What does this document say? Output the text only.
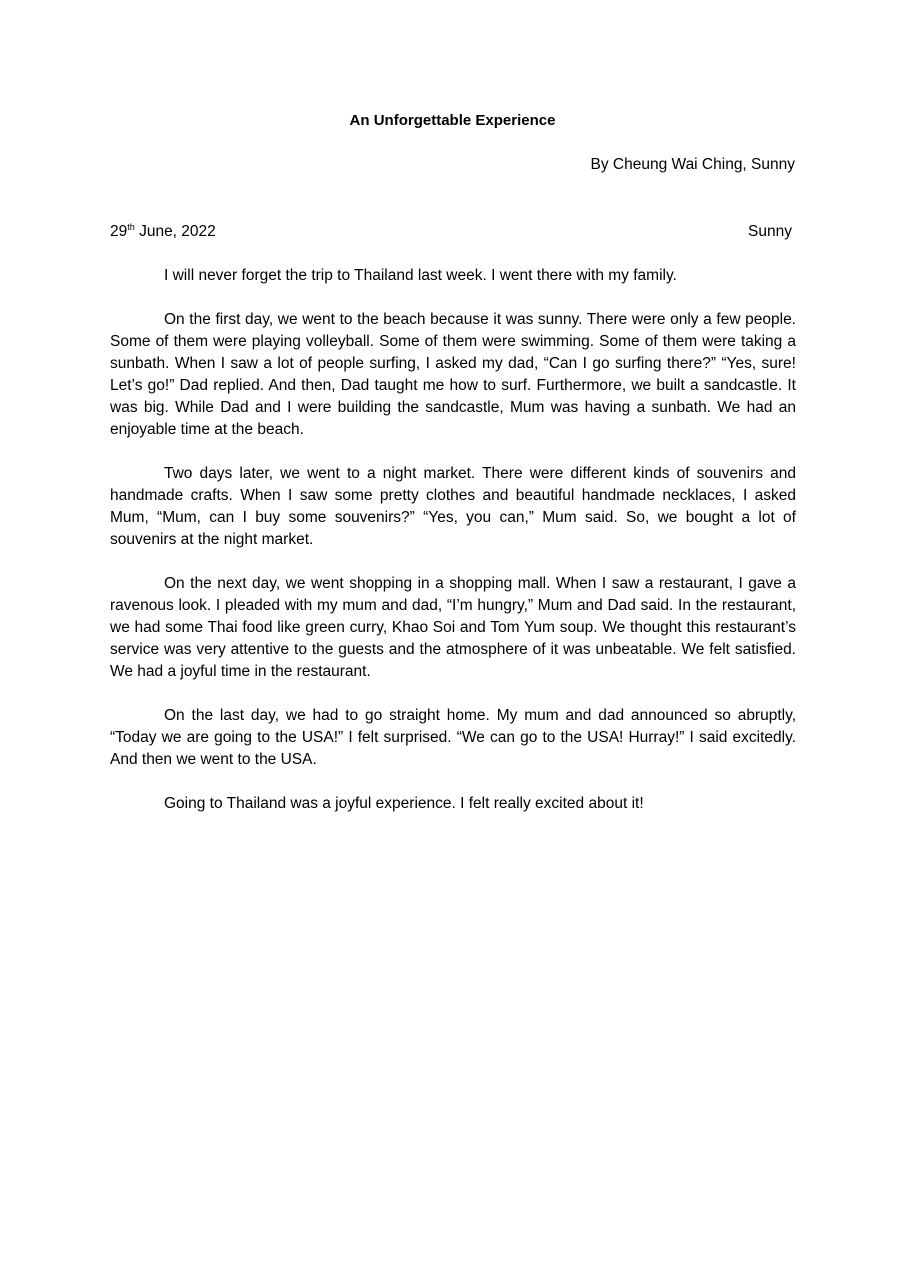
An Unforgettable Experience
By Cheung Wai Ching, Sunny
29th June, 2022	Sunny

I will never forget the trip to Thailand last week. I went there with my family.

On the first day, we went to the beach because it was sunny. There were only a few people. Some of them were playing volleyball. Some of them were swimming. Some of them were taking a sunbath. When I saw a lot of people surfing, I asked my dad, “Can I go surfing there?” “Yes, sure! Let’s go!” Dad replied. And then, Dad taught me how to surf. Furthermore, we built a sandcastle. It was big. While Dad and I were building the sandcastle, Mum was having a sunbath. We had an enjoyable time at the beach.

Two days later, we went to a night market. There were different kinds of souvenirs and handmade crafts. When I saw some pretty clothes and beautiful handmade necklaces, I asked Mum, “Mum, can I buy some souvenirs?” “Yes, you can,” Mum said. So, we bought a lot of souvenirs at the night market.

On the next day, we went shopping in a shopping mall. When I saw a restaurant, I gave a ravenous look. I pleaded with my mum and dad, “I’m hungry,” Mum and Dad said. In the restaurant, we had some Thai food like green curry, Khao Soi and Tom Yum soup. We thought this restaurant’s service was very attentive to the guests and the atmosphere of it was unbeatable. We felt satisfied. We had a joyful time in the restaurant.

On the last day, we had to go straight home. My mum and dad announced so abruptly, “Today we are going to the USA!” I felt surprised. “We can go to the USA! Hurray!” I said excitedly. And then we went to the USA.

Going to Thailand was a joyful experience. I felt really excited about it!
